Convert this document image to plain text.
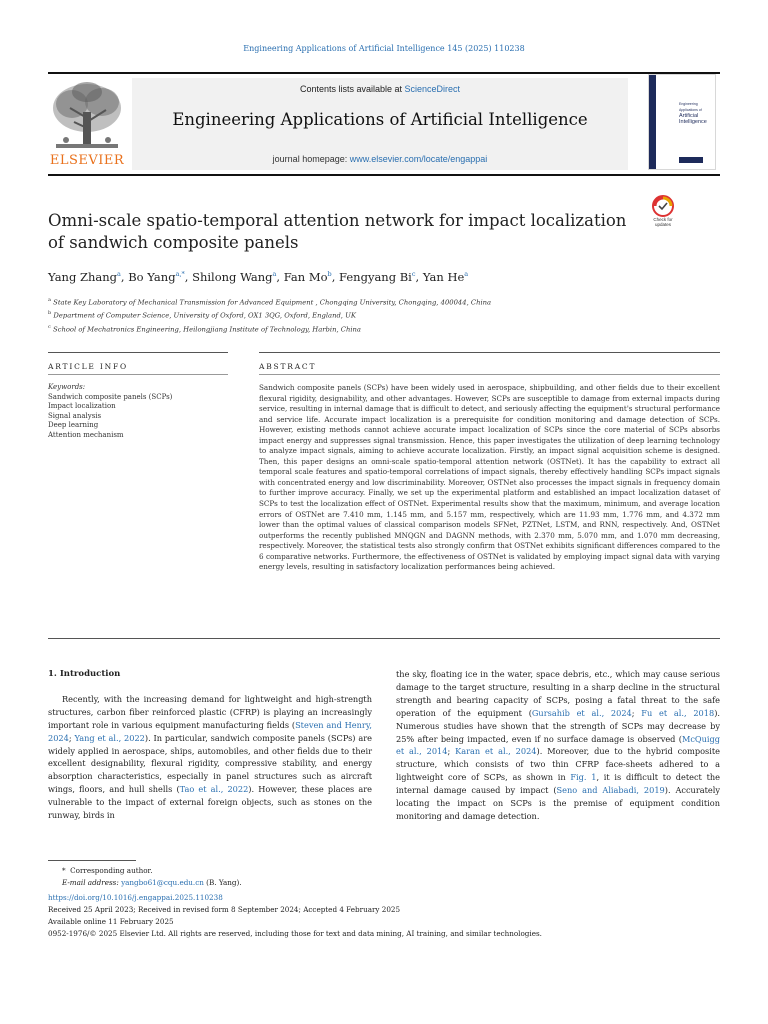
Engineering Applications of Artificial Intelligence 145 (2025) 110238
ELSEVIER
Contents lists available at ScienceDirect
Engineering Applications of Artificial Intelligence
journal homepage: www.elsevier.com/locate/engappai
Engineering Applications of
Artificial
Intelligence
Omni-scale spatio-temporal attention network for impact localization of sandwich composite panels
Check for updates
Yang Zhang$^a$, Bo Yang$^{a,*}$, Shilong Wang$^a$, Fan Mo$^b$, Fengyang Bi$^c$, Yan He$^a$
$^a$ State Key Laboratory of Mechanical Transmission for Advanced Equipment , Chongqing University, Chongqing, 400044, China
$^b$ Department of Computer Science, University of Oxford, OX1 3QG, Oxford, England, UK
$^c$ School of Mechatronics Engineering, Heilongjiang Institute of Technology, Harbin, China
ARTICLE INFO	ABSTRACT
Keywords:
Sandwich composite panels (SCPs)
Impact localization
Signal analysis
Deep learning
Attention mechanism
Sandwich composite panels (SCPs) have been widely used in aerospace, shipbuilding, and other fields due to their excellent flexural rigidity, designability, and other advantages. However, SCPs are susceptible to damage from external impacts during service, resulting in internal damage that is difficult to detect, and seriously affecting the equipment's structural performance and service life. Accurate impact localization is a prerequisite for condition monitoring and damage detection of SCPs. However, existing methods cannot achieve accurate impact localization of SCPs since the core material of SCPs absorbs impact energy and suppresses signal transmission. Hence, this paper investigates the utilization of deep learning technology to analyze impact signals, aiming to achieve accurate localization. Firstly, an impact signal acquisition scheme is designed. Then, this paper designs an omni-scale spatio-temporal attention network (OSTNet). It has the capability to extract all temporal scale features and spatio-temporal correlations of impact signals, thereby effectively handling SCPs impact signals with concentrated energy and low discriminability. Moreover, OSTNet also processes the impact signals in frequency domain to further improve accuracy. Finally, we set up the experimental platform and established an impact localization dataset of SCPs to test the localization effect of OSTNet. Experimental results show that the maximum, minimum, and average location errors of OSTNet are 7.410 mm, 1.145 mm, and 5.157 mm, respectively, which are 11.93 mm, 1.776 mm, and 4.372 mm lower than the optimal values of classical comparison models SFNet, PZTNet, LSTM, and RNN, respectively. And, OSTNet outperforms the recently published MNQGN and DAGNN methods, with 2.370 mm, 5.070 mm, and 1.070 mm decreasing, respectively. Moreover, the statistical tests also strongly confirm that OSTNet exhibits significant differences compared to the 6 comparative networks. Furthermore, the effectiveness of OSTNet is validated by employing impact signal data with varying energy levels, resulting in satisfactory localization performances being achieved.
1. Introduction

Recently, with the increasing demand for lightweight and high-strength structures, carbon fiber reinforced plastic (CFRP) is playing an increasingly important role in various equipment manufacturing fields (Steven and Henry, 2024; Yang et al., 2022). In particular, sandwich composite panels (SCPs) are widely applied in aerospace, ships, automobiles, and other fields due to their excellent designability, flexural rigidity, compressive stability, and energy absorption characteristics, especially in panel structures such as aircraft wings, floors, and hull shells (Tao et al., 2022). However, these places are vulnerable to the impact of external foreign objects, such as stones on the runway, birds in

the sky, floating ice in the water, space debris, etc., which may cause serious damage to the target structure, resulting in a sharp decline in the structural strength and bearing capacity of SCPs, posing a fatal threat to the safe operation of the equipment (Gursahib et al., 2024; Fu et al., 2018). Numerous studies have shown that the strength of SCPs may decrease by 25% after being impacted, even if no surface damage is observed (McQuigg et al., 2014; Karan et al., 2024). Moreover, due to the hybrid composite structure, which consists of two thin CFRP face-sheets adhered to a lightweight core of SCPs, as shown in Fig. 1, it is difficult to detect the internal damage caused by impact (Seno and Aliabadi, 2019). Accurately locating the impact on SCPs is the premise of equipment condition monitoring and damage detection.

*  Corresponding author.
E-mail address: yangbo61@cqu.edu.cn (B. Yang).
https://doi.org/10.1016/j.engappai.2025.110238
Received 25 April 2023; Received in revised form 8 September 2024; Accepted 4 February 2025
Available online 11 February 2025
0952-1976/© 2025 Elsevier Ltd. All rights are reserved, including those for text and data mining, AI training, and similar technologies.
